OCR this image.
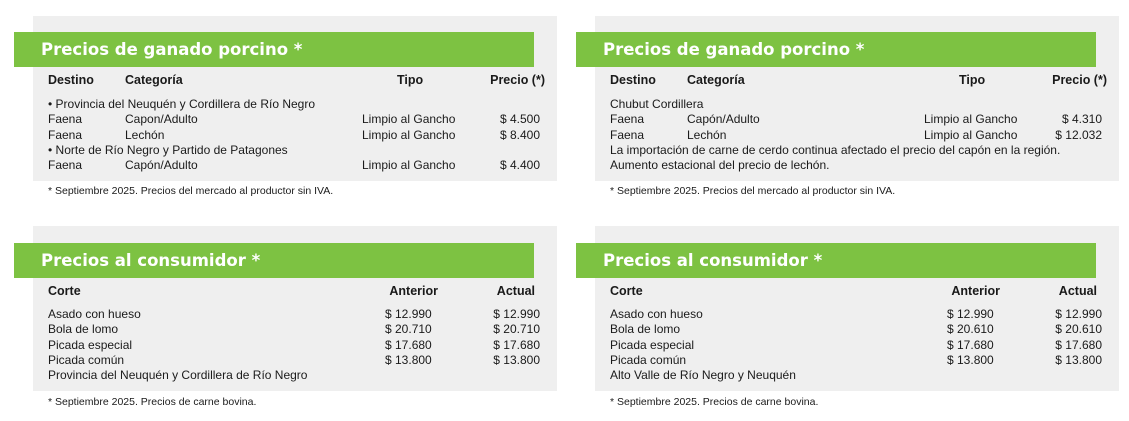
Precios de ganado porcino *
Destino Categoría	Tipo	Precio (*)
• Provincia del Neuquén y Cordillera de Río Negro
Faena	Capon/Adulto	Limpio al Gancho	$ 4.500
Faena	Lechón	Limpio al Gancho	$ 8.400
• Norte de Río Negro y Partido de Patagones
Faena	Capón/Adulto	Limpio al Gancho	$ 4.400
* Septiembre 2025. Precios del mercado al productor sin IVA.
Precios de ganado porcino *
Destino Categoría	Tipo	Precio (*)
Chubut Cordillera
Faena	Capón/Adulto	Limpio al Gancho	$ 4.310
Faena	Lechón	Limpio al Gancho	$ 12.032
La importación de carne de cerdo continua afectado el precio del capón en la región.
Aumento estacional del precio de lechón.
* Septiembre 2025. Precios del mercado al productor sin IVA.
Precios al consumidor *
Corte	Anterior	Actual
Asado con hueso	$ 12.990	$ 12.990
Bola de lomo	$ 20.710	$ 20.710
Picada especial	$ 17.680	$ 17.680
Picada común	$ 13.800	$ 13.800
Provincia del Neuquén y Cordillera de Río Negro
* Septiembre 2025. Precios de carne bovina.
Precios al consumidor *
Corte	Anterior	Actual
Asado con hueso	$ 12.990	$ 12.990
Bola de lomo	$ 20.610	$ 20.610
Picada especial	$ 17.680	$ 17.680
Picada común	$ 13.800	$ 13.800
Alto Valle de Río Negro y Neuquén
* Septiembre 2025. Precios de carne bovina.
